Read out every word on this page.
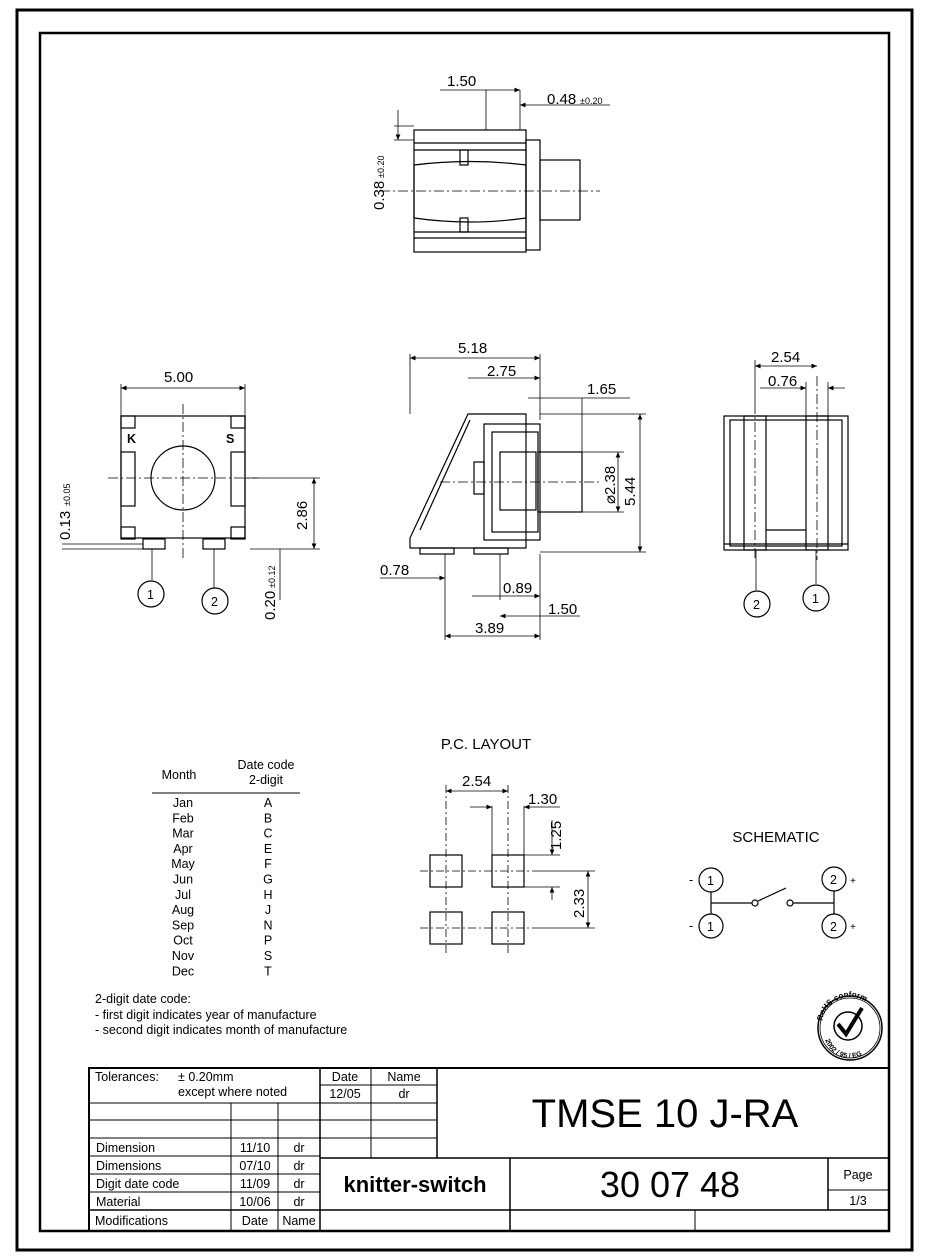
1.50
0.48 ±0.20
0.38
±0.20
5.00
K	S
2.86
0.13
±0.05
0.20
±0.12
1	2
5.18
2.75
1.65
⌀2.38 5.44
0.78
0.89
1.50
3.89
2.54
0.76
2	1
Month
Date code
2-digit
Jan	A
Feb	B
Mar	C
Apr	E
May	F
Jun	G
Jul	H
Aug	J
Sep	N
Oct	P
Nov	S
Dec	T
2-digit date code:
- first digit indicates year of manufacture
- second digit indicates month of manufacture
P.C. LAYOUT
2.54
1.30
1.25
2.33
SCHEMATIC
1
1
2
2
-
-
+
+
RoHS-conform
2002 / 95 / EG
Tolerances: ± 0.20mm
except where noted
Date Name
12/05	dr
Dimension	11/10 dr
Dimensions	07/10 dr
Digit date code	11/09 dr
Material	10/06 dr
Modifications	Date Name
TMSE 10 J-RA
knitter-switch	30 07 48	Page
1/3
